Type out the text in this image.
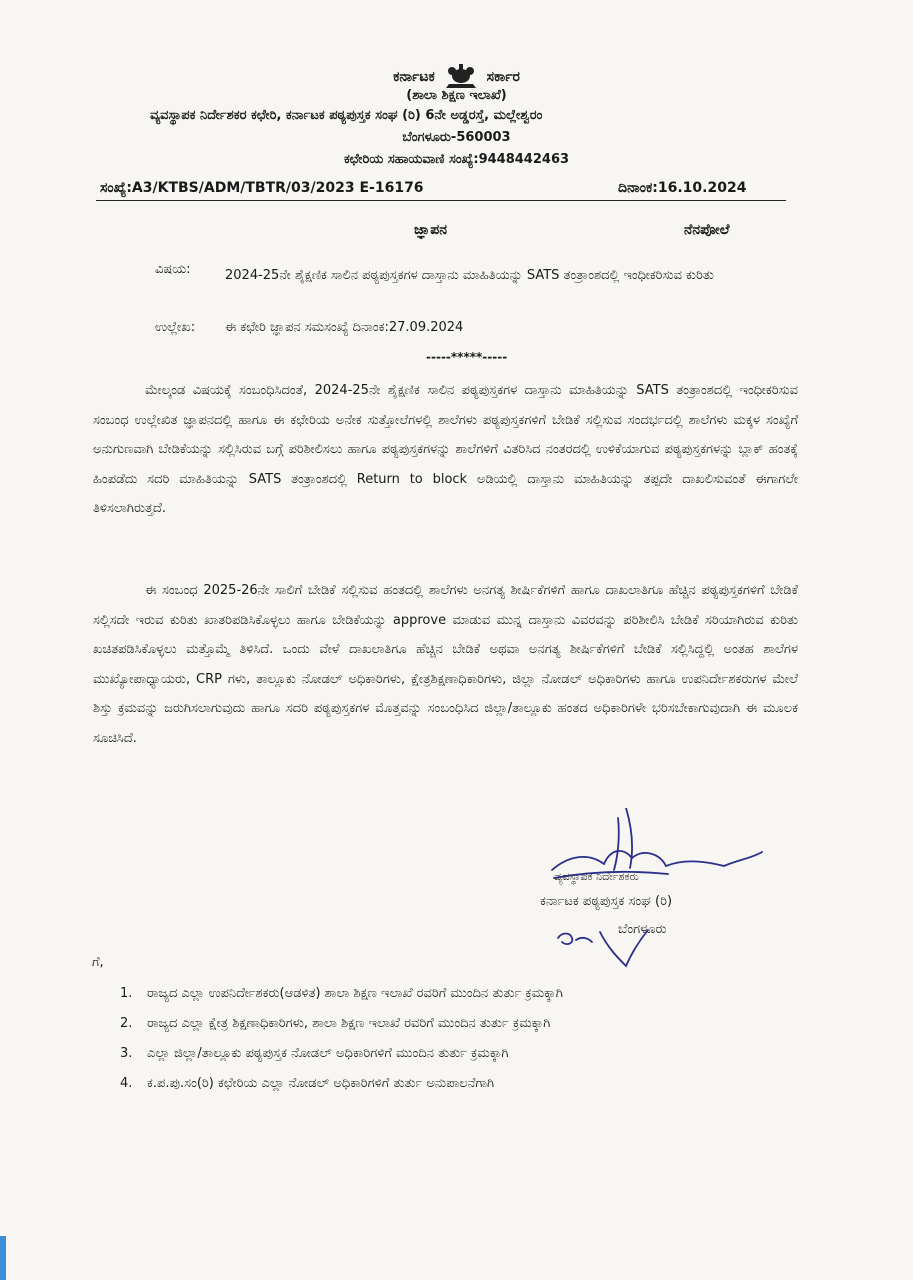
ಕರ್ನಾಟಕ	ಸರ್ಕಾರ
(ಶಾಲಾ ಶಿಕ್ಷಣ ಇಲಾಖೆ)
ವ್ಯವಸ್ಥಾಪಕ ನಿರ್ದೇಶಕರ ಕಛೇರಿ, ಕರ್ನಾಟಕ ಪಠ್ಯಪುಸ್ತಕ ಸಂಘ (ರಿ) 6ನೇ ಅಡ್ಡರಸ್ತೆ, ಮಲ್ಲೇಶ್ವರಂ
ಬೆಂಗಳೂರು-560003
ಕಛೇರಿಯ ಸಹಾಯವಾಣಿ ಸಂಖ್ಯೆ:9448442463
ಸಂಖ್ಯೆ:A3/KTBS/ADM/TBTR/03/2023 E-16176	ದಿನಾಂಕ:16.10.2024
ಜ್ಞಾಪನ	ನೆನಪೋಲೆ
ವಿಷಯ:	2024-25ನೇ ಶೈಕ್ಷಣಿಕ ಸಾಲಿನ ಪಠ್ಯಪುಸ್ತಕಗಳ ದಾಸ್ತಾನು ಮಾಹಿತಿಯನ್ನು SATS ತಂತ್ರಾಂಶದಲ್ಲಿ ಇಂಧೀಕರಿಸುವ ಕುರಿತು
ಉಲ್ಲೇಖ: ಈ ಕಛೇರಿ ಜ್ಞಾಪನ ಸಮಸಂಖ್ಯೆ ದಿನಾಂಕ:27.09.2024
-----*****-----
ಮೇಲ್ಕಂಡ ವಿಷಯಕ್ಕೆ ಸಂಬಂಧಿಸಿದಂತೆ, 2024-25ನೇ ಶೈಕ್ಷಣಿಕ ಸಾಲಿನ ಪಠ್ಯಪುಸ್ತಕಗಳ ದಾಸ್ತಾನು ಮಾಹಿತಿಯನ್ನು SATS ತಂತ್ರಾಂಶದಲ್ಲಿ ಇಂಧೀಕರಿಸುವ ಸಂಬಂಧ ಉಲ್ಲೇಖಿತ ಜ್ಞಾಪನದಲ್ಲಿ ಹಾಗೂ ಈ ಕಛೇರಿಯ ಅನೇಕ ಸುತ್ತೋಲೆಗಳಲ್ಲಿ ಶಾಲೆಗಳು ಪಠ್ಯಪುಸ್ತಕಗಳಿಗೆ ಬೇಡಿಕೆ ಸಲ್ಲಿಸುವ ಸಂದರ್ಭದಲ್ಲಿ ಶಾಲೆಗಳು ಮಕ್ಕಳ ಸಂಖ್ಯೆಗೆ ಅನುಗುಣವಾಗಿ ಬೇಡಿಕೆಯನ್ನು ಸಲ್ಲಿಸಿರುವ ಬಗ್ಗೆ ಪರಿಶೀಲಿಸಲು ಹಾಗೂ ಪಠ್ಯಪುಸ್ತಕಗಳನ್ನು ಶಾಲೆಗಳಿಗೆ ವಿತರಿಸಿದ ನಂತರದಲ್ಲಿ ಉಳಿಕೆಯಾಗುವ ಪಠ್ಯಪುಸ್ತಕಗಳನ್ನು ಬ್ಲಾಕ್ ಹಂತಕ್ಕೆ ಹಿಂಪಡೆದು ಸದರಿ ಮಾಹಿತಿಯನ್ನು SATS ತಂತ್ರಾಂಶದಲ್ಲಿ Return to block ಅಡಿಯಲ್ಲಿ ದಾಸ್ತಾನು ಮಾಹಿತಿಯನ್ನು ತಪ್ಪದೇ ದಾಖಲಿಸುವಂತೆ ಈಗಾಗಲೇ ತಿಳಿಸಲಾಗಿರುತ್ತದೆ.
ಈ ಸಂಬಂಧ 2025-26ನೇ ಸಾಲಿಗೆ ಬೇಡಿಕೆ ಸಲ್ಲಿಸುವ ಹಂತದಲ್ಲಿ ಶಾಲೆಗಳು ಅನಗತ್ಯ ಶೀರ್ಷಿಕೆಗಳಿಗೆ ಹಾಗೂ ದಾಖಲಾತಿಗೂ ಹೆಚ್ಚಿನ ಪಠ್ಯಪುಸ್ತಕಗಳಿಗೆ ಬೇಡಿಕೆ ಸಲ್ಲಿಸದೇ ಇರುವ ಕುರಿತು ಖಾತರಿಪಡಿಸಿಕೊಳ್ಳಲು ಹಾಗೂ ಬೇಡಿಕೆಯನ್ನು approve ಮಾಡುವ ಮುನ್ನ ದಾಸ್ತಾನು ವಿವರವನ್ನು ಪರಿಶೀಲಿಸಿ ಬೇಡಿಕೆ ಸರಿಯಾಗಿರುವ ಕುರಿತು ಖಚಿತಪಡಿಸಿಕೊಳ್ಳಲು ಮತ್ತೊಮ್ಮೆ ತಿಳಿಸಿದೆ. ಒಂದು ವೇಳೆ ದಾಖಲಾತಿಗೂ ಹೆಚ್ಚಿನ ಬೇಡಿಕೆ ಅಥವಾ ಅನಗತ್ಯ ಶೀರ್ಷಿಕೆಗಳಿಗೆ ಬೇಡಿಕೆ ಸಲ್ಲಿಸಿದ್ದಲ್ಲಿ ಅಂತಹ ಶಾಲೆಗಳ ಮುಖ್ಯೋಪಾಧ್ಯಾಯರು, CRP ಗಳು, ತಾಲ್ಲೂಕು ನೋಡಲ್ ಅಧಿಕಾರಿಗಳು, ಕ್ಷೇತ್ರಶಿಕ್ಷಣಾಧಿಕಾರಿಗಳು, ಜಿಲ್ಲಾ ನೋಡಲ್ ಅಧಿಕಾರಿಗಳು ಹಾಗೂ ಉಪನಿರ್ದೇಶಕರುಗಳ ಮೇಲೆ ಶಿಸ್ತು ಕ್ರಮವನ್ನು ಜರುಗಿಸಲಾಗುವುದು ಹಾಗೂ ಸದರಿ ಪಠ್ಯಪುಸ್ತಕಗಳ ಮೊತ್ತವನ್ನು ಸಂಬಂಧಿಸಿದ ಜಿಲ್ಲಾ/ತಾಲ್ಲೂಕು ಹಂತದ ಅಧಿಕಾರಿಗಳೇ ಭರಿಸಬೇಕಾಗುವುದಾಗಿ ಈ ಮೂಲಕ ಸೂಚಿಸಿದೆ.
ವ್ಯವಸ್ಥಾಪಕ ನಿರ್ದೇಶಕರು
ಕರ್ನಾಟಕ ಪಠ್ಯಪುಸ್ತಕ ಸಂಘ (ರಿ)
ಬೆಂಗಳೂರು
ಗೆ,
1. ರಾಜ್ಯದ ಎಲ್ಲಾ ಉಪನಿರ್ದೇಶಕರು(ಆಡಳಿತ) ಶಾಲಾ ಶಿಕ್ಷಣ ಇಲಾಖೆ ರವರಿಗೆ ಮುಂದಿನ ತುರ್ತು ಕ್ರಮಕ್ಕಾಗಿ
2. ರಾಜ್ಯದ ಎಲ್ಲಾ ಕ್ಷೇತ್ರ ಶಿಕ್ಷಣಾಧಿಕಾರಿಗಳು, ಶಾಲಾ ಶಿಕ್ಷಣ ಇಲಾಖೆ ರವರಿಗೆ ಮುಂದಿನ ತುರ್ತು ಕ್ರಮಕ್ಕಾಗಿ
3. ಎಲ್ಲಾ ಜಿಲ್ಲಾ/ತಾಲ್ಲೂಕು ಪಠ್ಯಪುಸ್ತಕ ನೋಡಲ್ ಅಧಿಕಾರಿಗಳಿಗೆ ಮುಂದಿನ ತುರ್ತು ಕ್ರಮಕ್ಕಾಗಿ
4. ಕ.ಪ.ಪು.ಸಂ(ರಿ) ಕಛೇರಿಯ ಎಲ್ಲಾ ನೋಡಲ್ ಅಧಿಕಾರಿಗಳಿಗೆ ತುರ್ತು ಅನುಪಾಲನೆಗಾಗಿ
